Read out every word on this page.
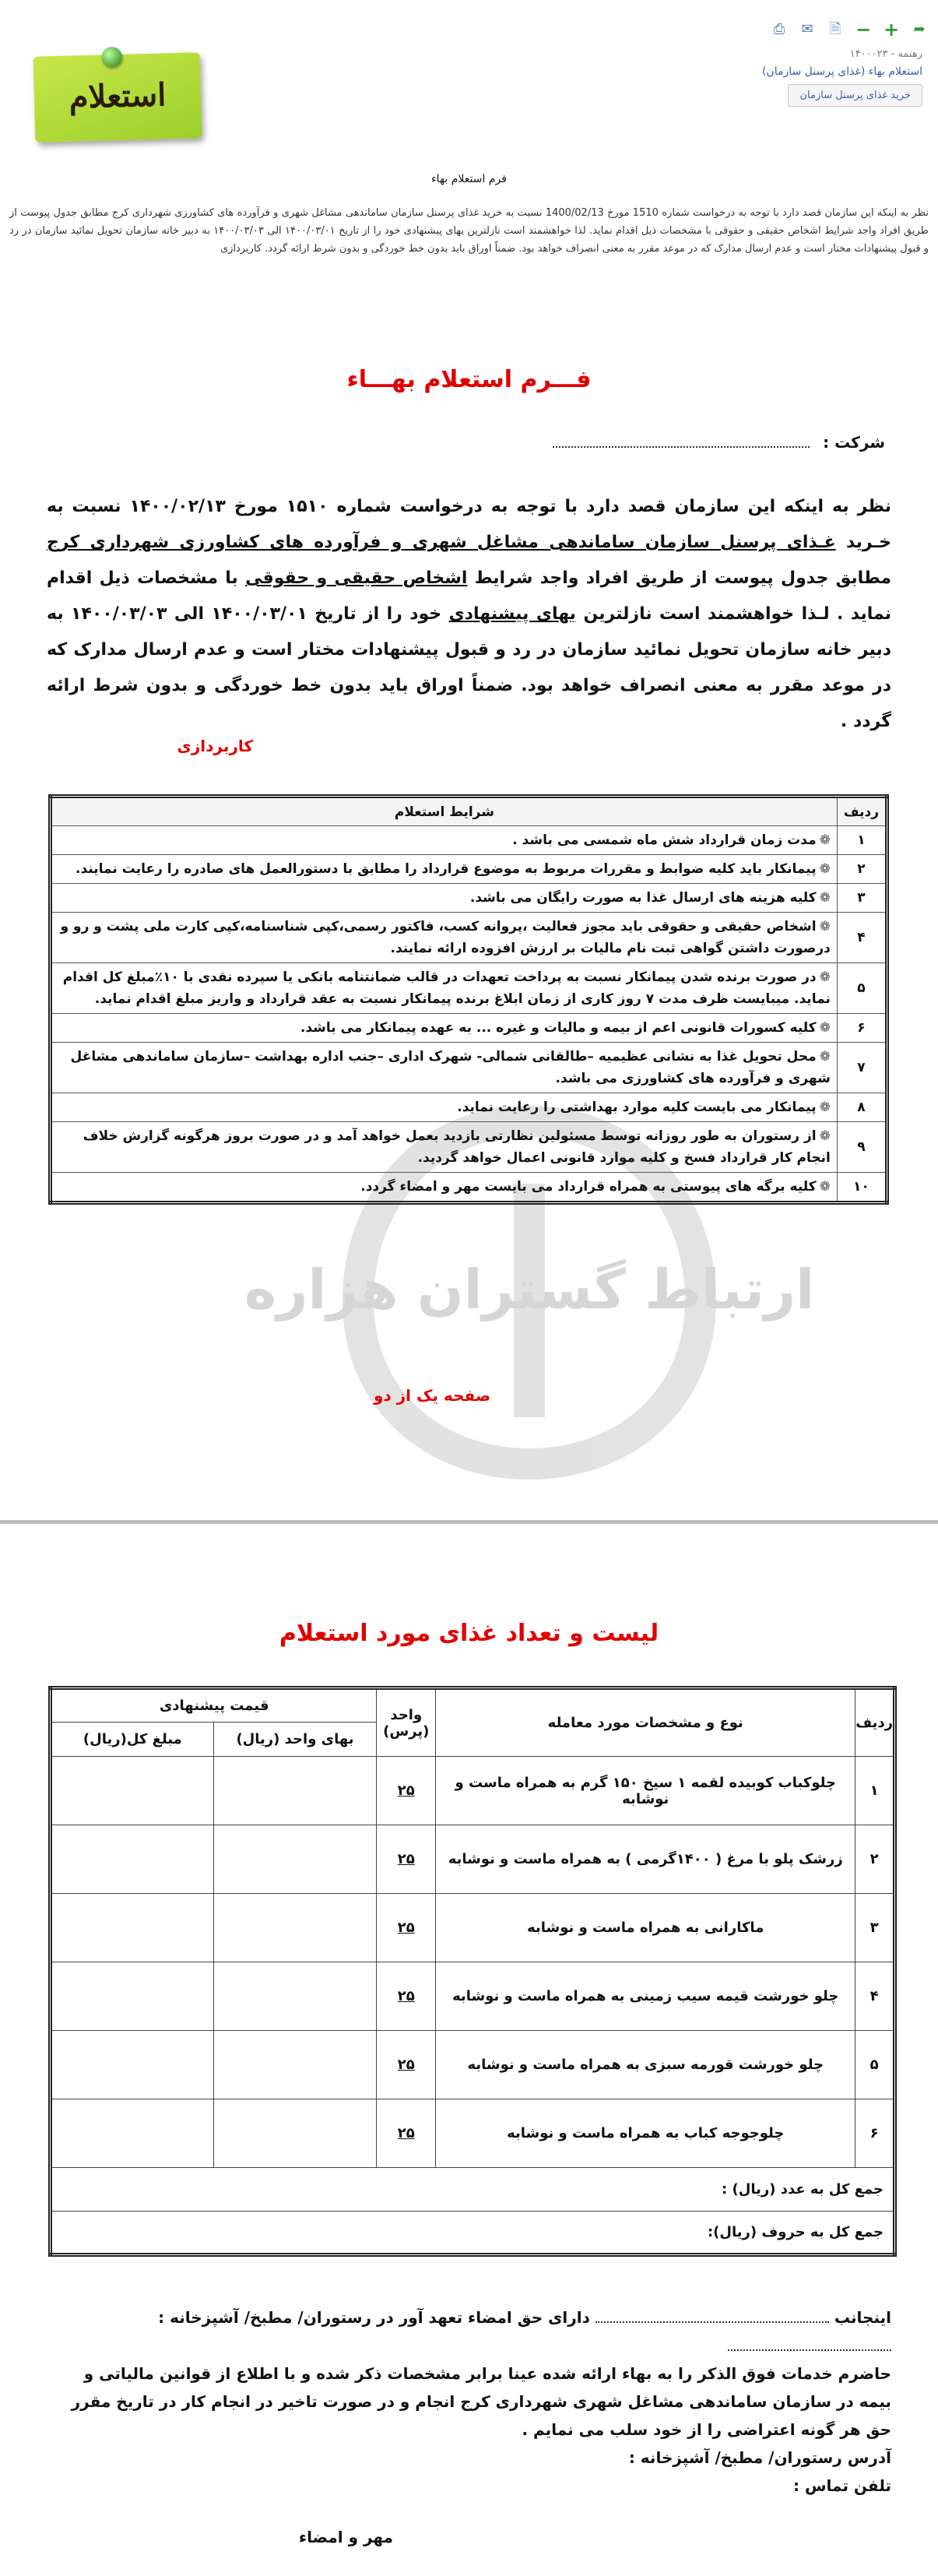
استعلام
⎙ ✉ 🗎 − + ➦
رهنمه - ۱۴۰۰۰۲۳
استعلام بهاء (غذای پرسنل سازمان)
خرید غذای پرسنل سازمان
فرم استعلام بهاء
نظر به اینکه این سازمان قصد دارد با توجه به درخواست شماره 1510 مورخ 1400/02/13 نسبت به خرید غذای پرسنل سازمان ساماندهی مشاغل شهری و فرآورده های کشاورزی شهرداری کرج مطابق جدول پیوست از طریق افراد واجد شرایط اشخاص حقیقی و حقوقی با مشخصات ذیل اقدام نماید. لذا خواهشمند است نازلترین بهای پیشنهادی خود را از تاریخ ۱۴۰۰/۰۳/۰۱ الی ۱۴۰۰/۰۳/۰۳ به دبیر خانه سازمان تحویل نمائید سازمان در رد و قبول پیشنهادات مختار است و عدم ارسال مدارک که در موعد مقرر به معنی انصراف خواهد بود. ضمناً اوراق باید بدون خط خوردگی و بدون شرط ارائه گردد. کاربردازی
ارتباط گستران هزاره
فـــرم استعلام بهـــاء
شرکت :
نظر به اینکه این سازمان قصد دارد با توجه به درخواست شماره ۱۵۱۰ مورخ ۱۴۰۰/۰۲/۱۳ نسبت به خـرید غـذای پرسنل سازمان ساماندهی مشاغل شهری و فرآورده های کشاورزی شهرداری کرج مطابق جدول پیوست از طریق افراد واجد شرایط اشخاص حقیقی و حقوقی با مشخصات ذیل اقدام نماید . لـذا خواهشمند است نازلترین بهای پیشنهادی خود را از تاریخ ۱۴۰۰/۰۳/۰۱ الی ۱۴۰۰/۰۳/۰۳ به دبیر خانه سازمان تحویل نمائید سازمان در رد و قبول پیشنهادات مختار است و عدم ارسال مدارک که در موعد مقرر به معنی انصراف خواهد بود. ضمناً اوراق باید بدون خط خوردگی و بدون شرط ارائه گردد .
کاربردازی
ردیف	شرایط استعلام
۱	❁مدت زمان قرارداد شش ماه شمسی می باشد .
۲	❁پیمانکار باید کلیه ضوابط و مقررات مربوط به موضوع قرارداد را مطابق با دستورالعمل های صادره را رعایت نمایند.
۳	❁کلیه هزینه های ارسال غذا به صورت رایگان می باشد.
۴	❁اشخاص حقیقی و حقوقی باید مجوز فعالیت ،پروانه کسب، فاکتور رسمی،کپی شناسنامه،کپی کارت ملی پشت و رو و درصورت داشتن گواهی ثبت نام مالیات بر ارزش افزوده ارائه نمایند.
۵	❁در صورت برنده شدن پیمانکار نسبت به پرداخت تعهدات در قالب ضمانتنامه بانکی یا سپرده نقدی با ۱۰٪مبلغ کل اقدام نماید. میبایست ظرف مدت ۷ روز کاری از زمان ابلاغ برنده پیمانکار نسبت به عقد قرارداد و واریز مبلغ اقدام نماید.
۶	❁کلیه کسورات قانونی اعم از بیمه و مالیات و غیره ... به عهده پیمانکار می باشد.
۷	❁محل تحویل غذا به نشانی عظیمیه –طالقانی شمالی- شهرک اداری –جنب اداره بهداشت –سازمان ساماندهی مشاغل شهری و فرآورده های کشاورزی می باشد.
۸	❁پیمانکار می بایست کلیه موارد بهداشتی را رعایت نماید.
۹	❁از رستوران به طور روزانه توسط مسئولین نظارتی بازدید بعمل خواهد آمد و در صورت بروز هرگونه گزارش خلاف انجام کار قرارداد فسخ و کلیه موارد قانونی اعمال خواهد گردید.
۱۰	❁کلیه برگه های پیوستی به همراه قرارداد می بایست مهر و امضاء گردد.
صفحه یک از دو
لیست و تعداد غذای مورد استعلام
ردیف	نوع و مشخصات مورد معامله	واحد (پرس)	قیمت پیشنهادی	
			بهای واحد (ریال)	مبلغ کل(ریال)
۱	چلوکباب کوبیده لقمه ۱ سیخ ۱۵۰ گرم به همراه ماست و نوشابه	۲۵		
۲	زرشک پلو با مرغ ( ۱۴۰۰گرمی ) به همراه ماست و نوشابه	۲۵		
۳	ماکارانی به همراه ماست و نوشابه	۲۵		
۴	چلو خورشت قیمه سیب زمینی به همراه ماست و نوشابه	۲۵		
۵	چلو خورشت قورمه سبزی به همراه ماست و نوشابه	۲۵		
۶	چلوجوجه کباب به همراه ماست و نوشابه	۲۵		
جمع کل به عدد (ریال) :				
جمع کل به حروف (ریال):				
اینجانب  دارای حق امضاء تعهد آور در رستوران/ مطبخ/ آشپزخانه :
حاضرم خدمات فوق الذکر را به بهاء ارائه شده عینا برابر مشخصات ذکر شده و با اطلاع از قوانین مالیاتی و بیمه در سازمان ساماندهی مشاغل شهری شهرداری کرج انجام و در صورت تاخیر در انجام کار در تاریخ مقرر حق هر گونه اعتراضی را از خود سلب می نمایم .
آدرس رستوران/ مطبخ/ آشپزخانه :
تلفن تماس :
مهر و امضاء
